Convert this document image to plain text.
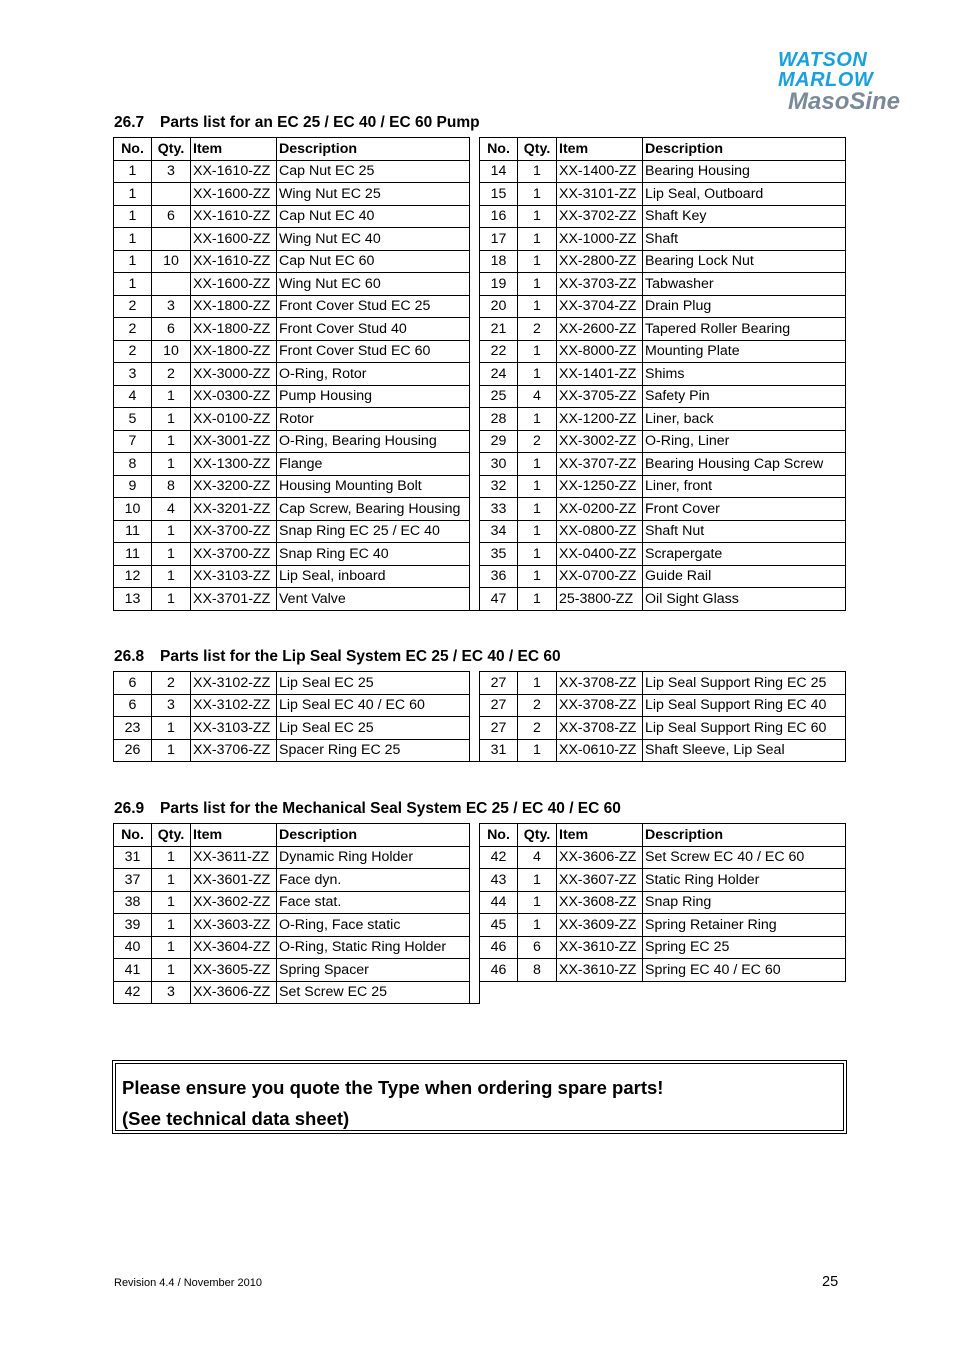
WATSON
MARLOW
MasoSine
26.7 Parts list for an EC 25 / EC 40 / EC 60 Pump
No.	Qty.	Item	Description		No.	Qty.	Item	Description
1	3	XX-1610-ZZ	Cap Nut EC 25		14	1	XX-1400-ZZ	Bearing Housing
1		XX-1600-ZZ	Wing Nut EC 25		15	1	XX-3101-ZZ	Lip Seal, Outboard
1	6	XX-1610-ZZ	Cap Nut EC 40		16	1	XX-3702-ZZ	Shaft Key
1		XX-1600-ZZ	Wing Nut EC 40		17	1	XX-1000-ZZ	Shaft
1	10	XX-1610-ZZ	Cap Nut EC 60		18	1	XX-2800-ZZ	Bearing Lock Nut
1		XX-1600-ZZ	Wing Nut EC 60		19	1	XX-3703-ZZ	Tabwasher
2	3	XX-1800-ZZ	Front Cover Stud EC 25		20	1	XX-3704-ZZ	Drain Plug
2	6	XX-1800-ZZ	Front Cover Stud 40		21	2	XX-2600-ZZ	Tapered Roller Bearing
2	10	XX-1800-ZZ	Front Cover Stud EC 60		22	1	XX-8000-ZZ	Mounting Plate
3	2	XX-3000-ZZ	O-Ring, Rotor		24	1	XX-1401-ZZ	Shims
4	1	XX-0300-ZZ	Pump Housing		25	4	XX-3705-ZZ	Safety Pin
5	1	XX-0100-ZZ	Rotor		28	1	XX-1200-ZZ	Liner, back
7	1	XX-3001-ZZ	O-Ring, Bearing Housing		29	2	XX-3002-ZZ	O-Ring, Liner
8	1	XX-1300-ZZ	Flange		30	1	XX-3707-ZZ	Bearing Housing Cap Screw
9	8	XX-3200-ZZ	Housing Mounting Bolt		32	1	XX-1250-ZZ	Liner, front
10	4	XX-3201-ZZ	Cap Screw, Bearing Housing		33	1	XX-0200-ZZ	Front Cover
11	1	XX-3700-ZZ	Snap Ring EC 25 / EC 40		34	1	XX-0800-ZZ	Shaft Nut
11	1	XX-3700-ZZ	Snap Ring EC 40		35	1	XX-0400-ZZ	Scrapergate
12	1	XX-3103-ZZ	Lip Seal, inboard		36	1	XX-0700-ZZ	Guide Rail
13	1	XX-3701-ZZ	Vent Valve		47	1	25-3800-ZZ	Oil Sight Glass
26.8 Parts list for the Lip Seal System EC 25 / EC 40 / EC 60
6	2	XX-3102-ZZ	Lip Seal EC 25		27	1	XX-3708-ZZ	Lip Seal Support Ring EC 25
6	3	XX-3102-ZZ	Lip Seal EC 40 / EC 60		27	2	XX-3708-ZZ	Lip Seal Support Ring EC 40
23	1	XX-3103-ZZ	Lip Seal EC 25		27	2	XX-3708-ZZ	Lip Seal Support Ring EC 60
26	1	XX-3706-ZZ	Spacer Ring EC 25		31	1	XX-0610-ZZ	Shaft Sleeve, Lip Seal
26.9 Parts list for the Mechanical Seal System EC 25 / EC 40 / EC 60
No.	Qty.	Item	Description		No.	Qty.	Item	Description
31	1	XX-3611-ZZ	Dynamic Ring Holder		42	4	XX-3606-ZZ	Set Screw EC 40 / EC 60
37	1	XX-3601-ZZ	Face dyn.		43	1	XX-3607-ZZ	Static Ring Holder
38	1	XX-3602-ZZ	Face stat.		44	1	XX-3608-ZZ	Snap Ring
39	1	XX-3603-ZZ	O-Ring, Face static		45	1	XX-3609-ZZ	Spring Retainer Ring
40	1	XX-3604-ZZ	O-Ring, Static Ring Holder		46	6	XX-3610-ZZ	Spring EC 25
41	1	XX-3605-ZZ	Spring Spacer		46	8	XX-3610-ZZ	Spring EC 40 / EC 60
42	3	XX-3606-ZZ	Set Screw EC 25					
Please ensure you quote the Type when ordering spare parts!
(See technical data sheet)
Revision 4.4 / November 2010	25
